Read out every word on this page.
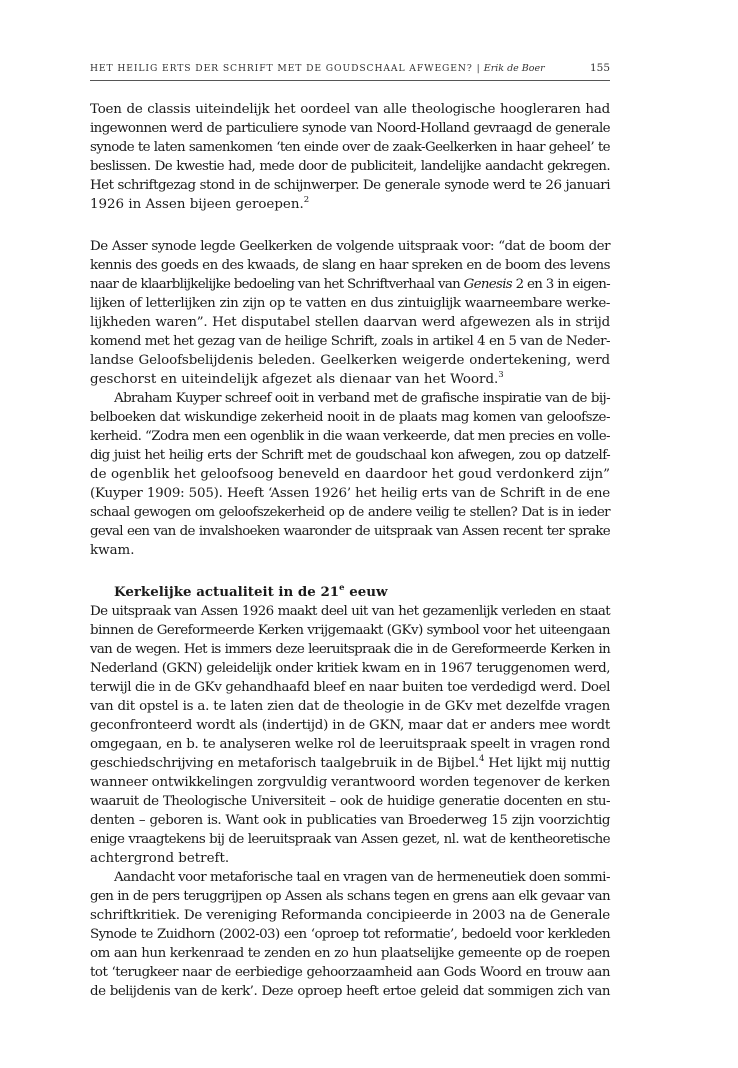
HET HEILIG ERTS DER SCHRIFT MET DE GOUDSCHAAL AFWEGEN? | Erik de Boer	155
Toen de classis uiteindelijk het oordeel van alle theologische hoogleraren had
ingewonnen werd de particuliere synode van Noord-Holland gevraagd de generale
synode te laten samenkomen ‘ten einde over de zaak-Geelkerken in haar geheel’ te
beslissen. De kwestie had, mede door de publiciteit, landelijke aandacht gekregen.
Het schriftgezag stond in de schijnwerper. De generale synode werd te 26 januari
1926 in Assen bijeen geroepen.$^2$
De Asser synode legde Geelkerken de volgende uitspraak voor: “dat de boom der
kennis des goeds en des kwaads, de slang en haar spreken en de boom des levens
naar de klaarblijkelijke bedoeling van het Schriftverhaal van Genesis 2 en 3 in eigen-
lijken of letterlijken zin zijn op te vatten en dus zintuiglijk waarneembare werke-
lijkheden waren”. Het disputabel stellen daarvan werd afgewezen als in strijd
komend met het gezag van de heilige Schrift, zoals in artikel 4 en 5 van de Neder-
landse Geloofsbelijdenis beleden. Geelkerken weigerde ondertekening, werd
geschorst en uiteindelijk afgezet als dienaar van het Woord.$^3$
Abraham Kuyper schreef ooit in verband met de grafische inspiratie van de bij-
belboeken dat wiskundige zekerheid nooit in de plaats mag komen van geloofsze-
kerheid. “Zodra men een ogenblik in die waan verkeerde, dat men precies en volle-
dig juist het heilig erts der Schrift met de goudschaal kon afwegen, zou op datzelf-
de ogenblik het geloofsoog beneveld en daardoor het goud verdonkerd zijn”
(Kuyper 1909: 505). Heeft ‘Assen 1926’ het heilig erts van de Schrift in de ene
schaal gewogen om geloofszekerheid op de andere veilig te stellen? Dat is in ieder
geval een van de invalshoeken waaronder de uitspraak van Assen recent ter sprake
kwam.
Kerkelijke actualiteit in de 21e eeuw
De uitspraak van Assen 1926 maakt deel uit van het gezamenlijk verleden en staat
binnen de Gereformeerde Kerken vrijgemaakt (GKv) symbool voor het uiteengaan
van de wegen. Het is immers deze leeruitspraak die in de Gereformeerde Kerken in
Nederland (GKN) geleidelijk onder kritiek kwam en in 1967 teruggenomen werd,
terwijl die in de GKv gehandhaafd bleef en naar buiten toe verdedigd werd. Doel
van dit opstel is a. te laten zien dat de theologie in de GKv met dezelfde vragen
geconfronteerd wordt als (indertijd) in de GKN, maar dat er anders mee wordt
omgegaan, en b. te analyseren welke rol de leeruitspraak speelt in vragen rond
geschiedschrijving en metaforisch taalgebruik in de Bijbel.$^4$ Het lijkt mij nuttig
wanneer ontwikkelingen zorgvuldig verantwoord worden tegenover de kerken
waaruit de Theologische Universiteit – ook de huidige generatie docenten en stu-
denten – geboren is. Want ook in publicaties van Broederweg 15 zijn voorzichtig
enige vraagtekens bij de leeruitspraak van Assen gezet, nl. wat de kentheoretische
achtergrond betreft.
Aandacht voor metaforische taal en vragen van de hermeneutiek doen sommi-
gen in de pers teruggrijpen op Assen als schans tegen en grens aan elk gevaar van
schriftkritiek. De vereniging Reformanda concipieerde in 2003 na de Generale
Synode te Zuidhorn (2002-03) een ‘oproep tot reformatie’, bedoeld voor kerkleden
om aan hun kerkenraad te zenden en zo hun plaatselijke gemeente op de roepen
tot ‘terugkeer naar de eerbiedige gehoorzaamheid aan Gods Woord en trouw aan
de belijdenis van de kerk’. Deze oproep heeft ertoe geleid dat sommigen zich van
